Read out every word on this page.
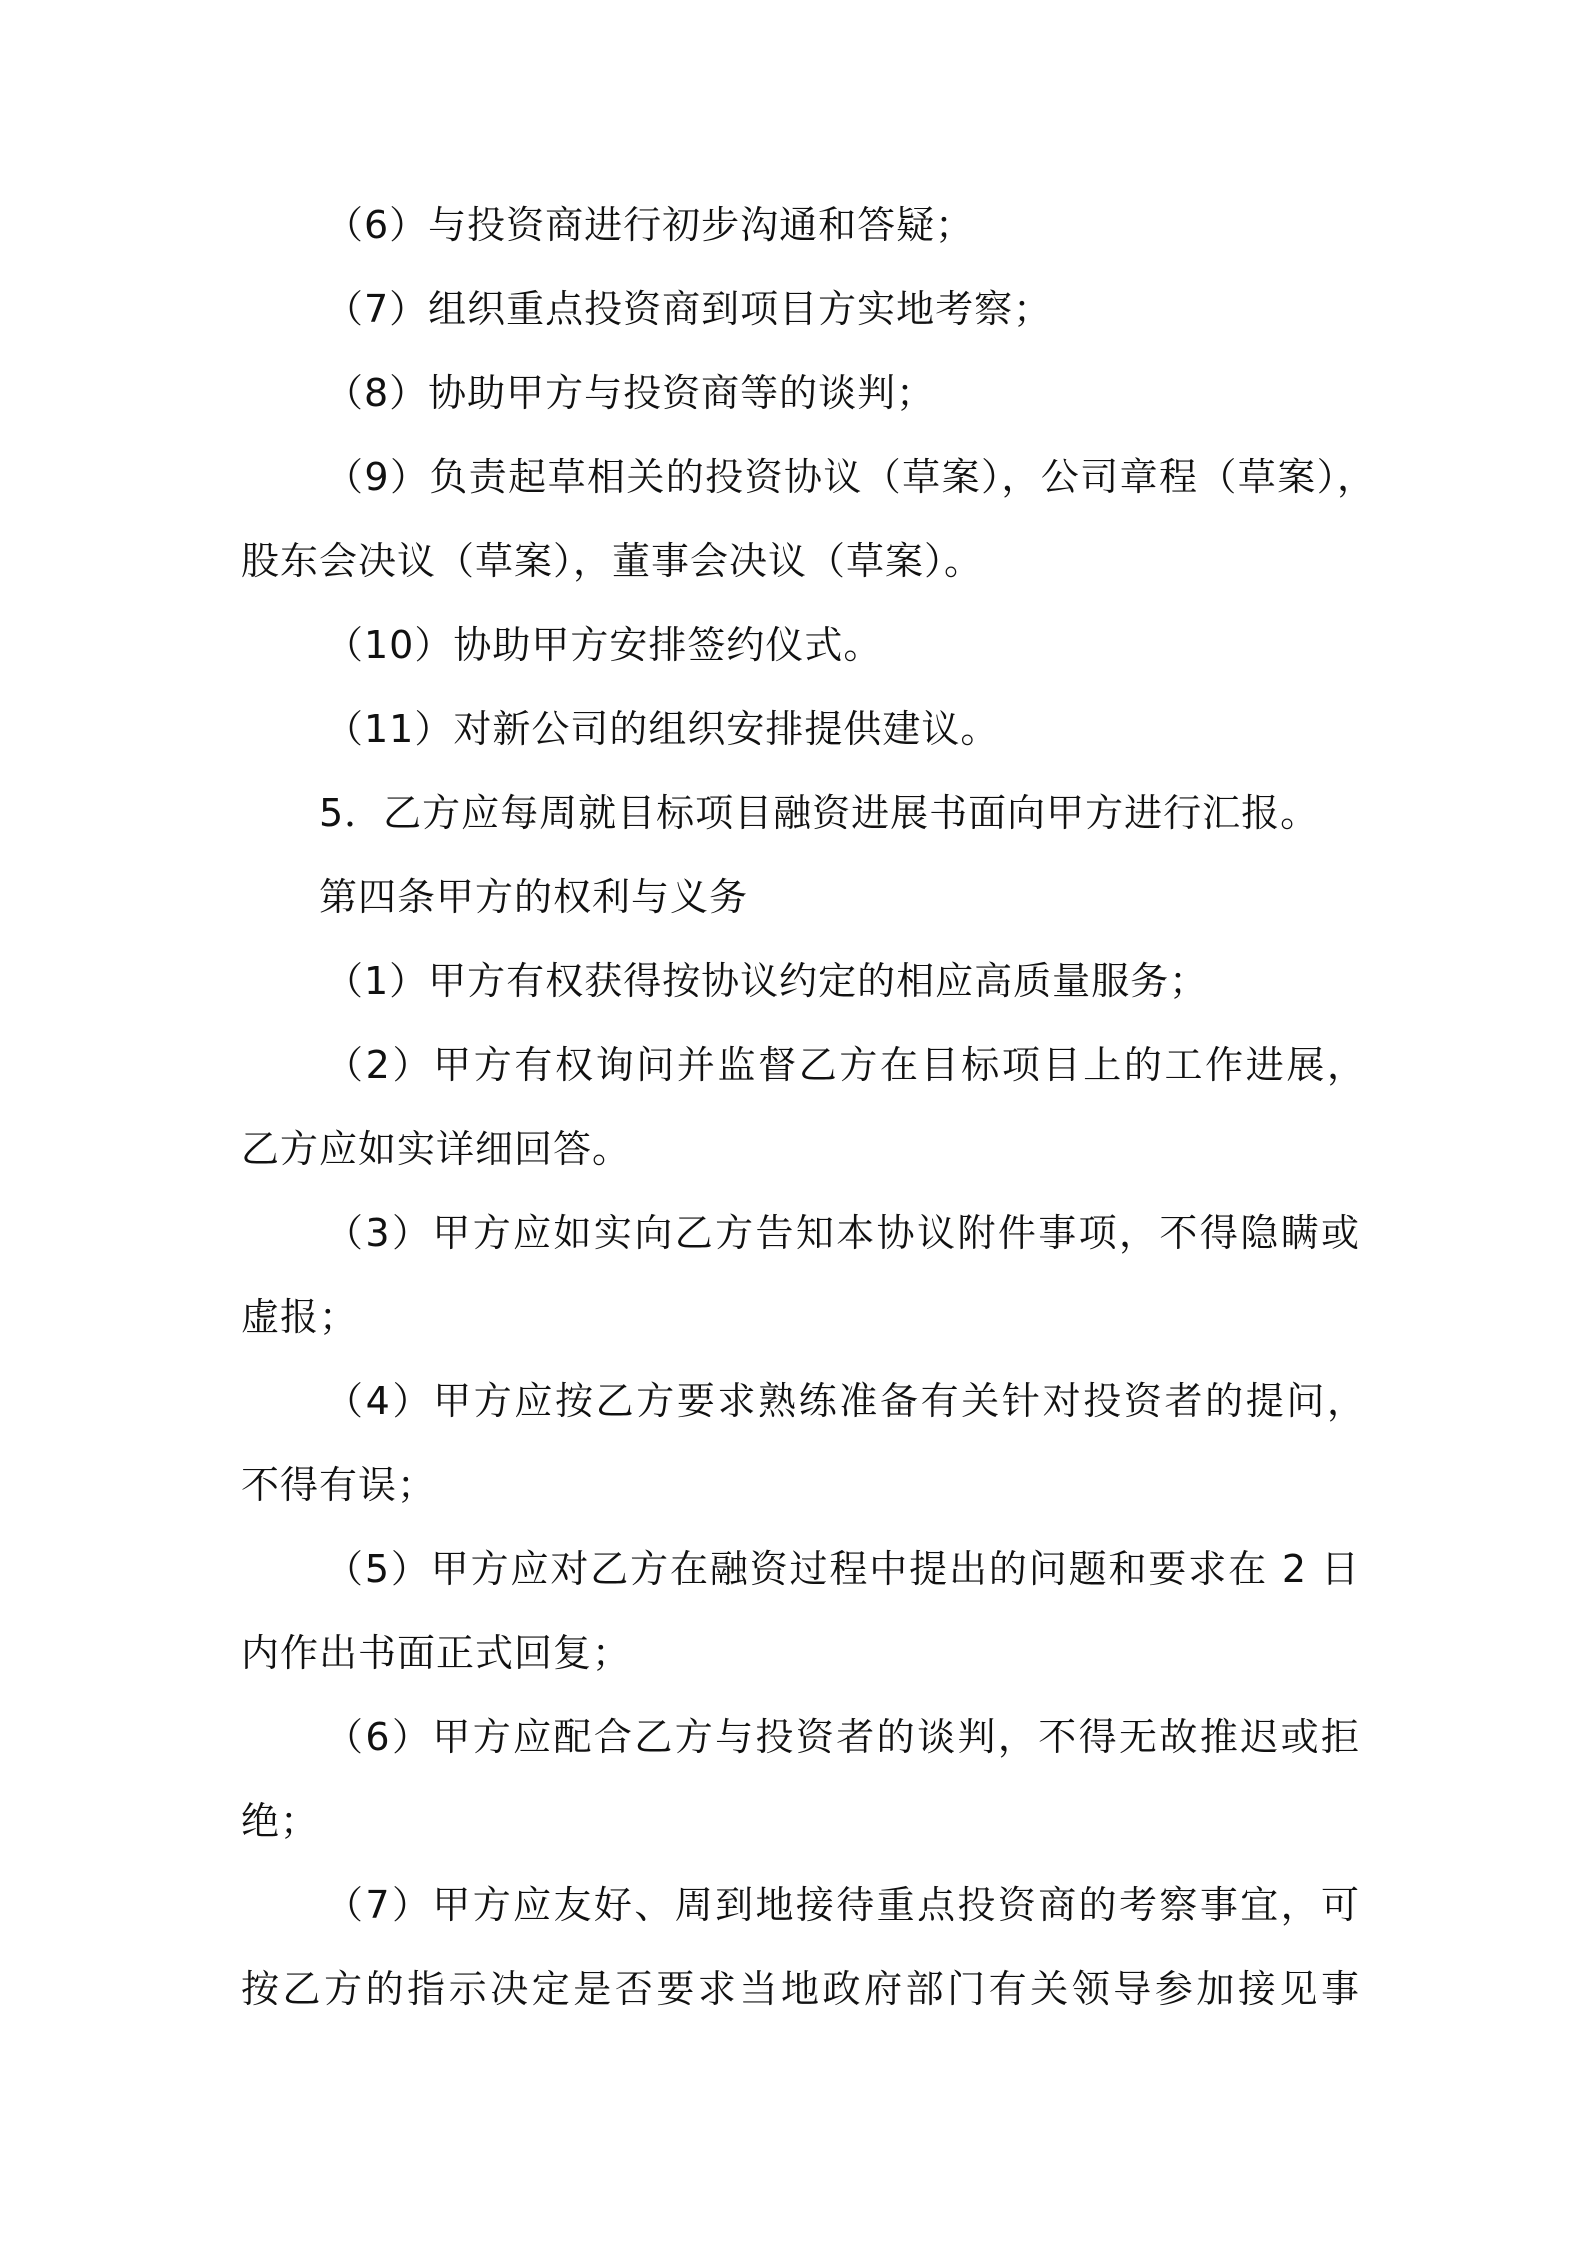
（6）与投资商进行初步沟通和答疑；
（7）组织重点投资商到项目方实地考察；
（8）协助甲方与投资商等的谈判；
（9）负责起草相关的投资协议（草案），公司章程（草案），
股东会决议（草案），董事会决议（草案）。
（10）协助甲方安排签约仪式。
（11）对新公司的组织安排提供建议。
5．乙方应每周就目标项目融资进展书面向甲方进行汇报。
第四条甲方的权利与义务
（1）甲方有权获得按协议约定的相应高质量服务；
（2）甲方有权询问并监督乙方在目标项目上的工作进展，
乙方应如实详细回答。
（3）甲方应如实向乙方告知本协议附件事项，不得隐瞒或
虚报；
（4）甲方应按乙方要求熟练准备有关针对投资者的提问，
不得有误；
（5）甲方应对乙方在融资过程中提出的问题和要求在 2 日
内作出书面正式回复；
（6）甲方应配合乙方与投资者的谈判，不得无故推迟或拒
绝；
（7）甲方应友好、周到地接待重点投资商的考察事宜，可
按乙方的指示决定是否要求当地政府部门有关领导参加接见事
